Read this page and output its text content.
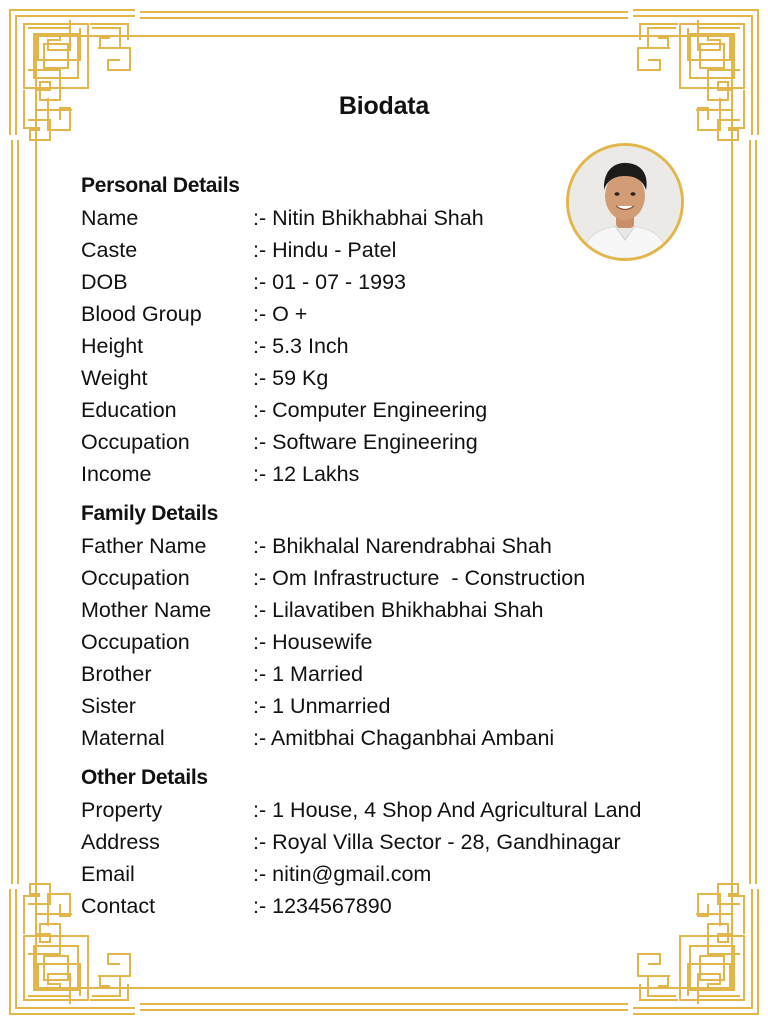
Biodata
Personal Details
Name	:- Nitin Bhikhabhai Shah
Caste	:- Hindu - Patel
DOB	:- 01 - 07 - 1993
Blood Group	:- O +
Height	:- 5.3 Inch
Weight	:- 59 Kg
Education	:- Computer Engineering
Occupation	:- Software Engineering
Income	:- 12 Lakhs
Family Details
Father Name	:- Bhikhalal Narendrabhai Shah
Occupation	:- Om Infrastructure  - Construction
Mother Name	:- Lilavatiben Bhikhabhai Shah
Occupation	:- Housewife
Brother	:- 1 Married
Sister	:- 1 Unmarried
Maternal	:- Amitbhai Chaganbhai Ambani
Other Details
Property	:- 1 House, 4 Shop And Agricultural Land
Address	:- Royal Villa Sector - 28, Gandhinagar
Email	:- nitin@gmail.com
Contact	:- 1234567890
